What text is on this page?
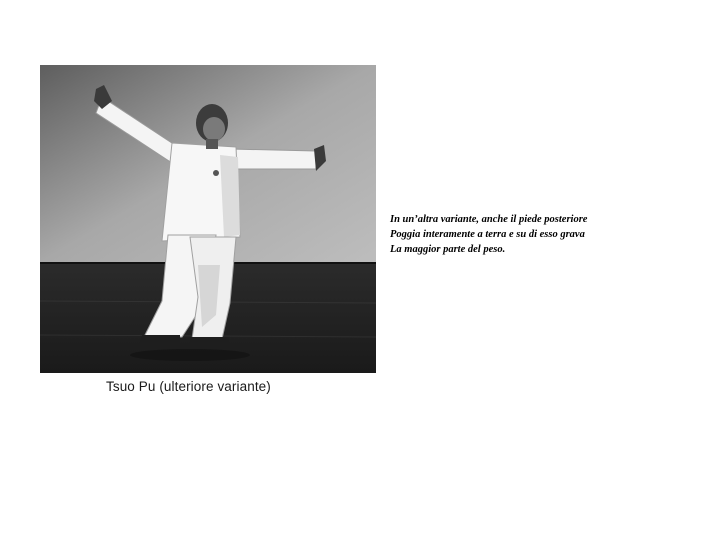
Tsuo Pu (ulteriore variante)
In un’altra variante, anche il piede posteriore
Poggia interamente a terra e su di esso grava
La maggior parte del peso.
